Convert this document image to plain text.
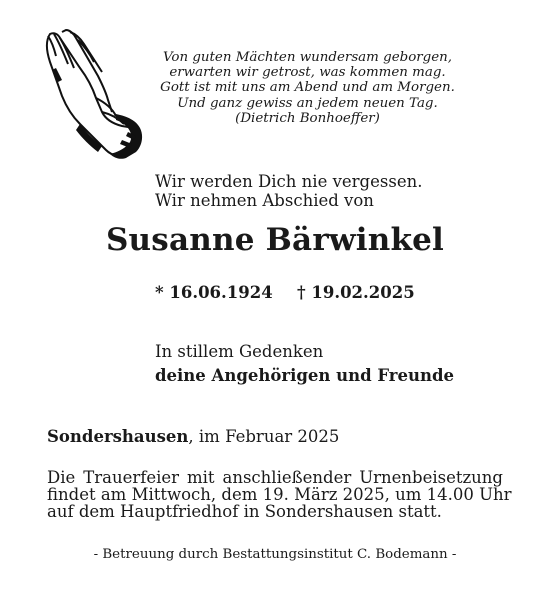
Von guten Mächten wundersam geborgen,
erwarten wir getrost, was kommen mag.
Gott ist mit uns am Abend und am Morgen.
Und ganz gewiss an jedem neuen Tag.
(Dietrich Bonhoeffer)
Wir werden Dich nie vergessen.
Wir nehmen Abschied von
Susanne Bärwinkel
* 16.06.1924 † 19.02.2025
In stillem Gedenken
deine Angehörigen und Freunde
Sondershausen, im Februar 2025
Die Trauerfeier mit anschließender Urnenbeisetzung
findet am Mittwoch, dem 19. März 2025, um 14.00 Uhr
auf dem Hauptfriedhof in Sondershausen statt.
- Betreuung durch Bestattungsinstitut C. Bodemann -
